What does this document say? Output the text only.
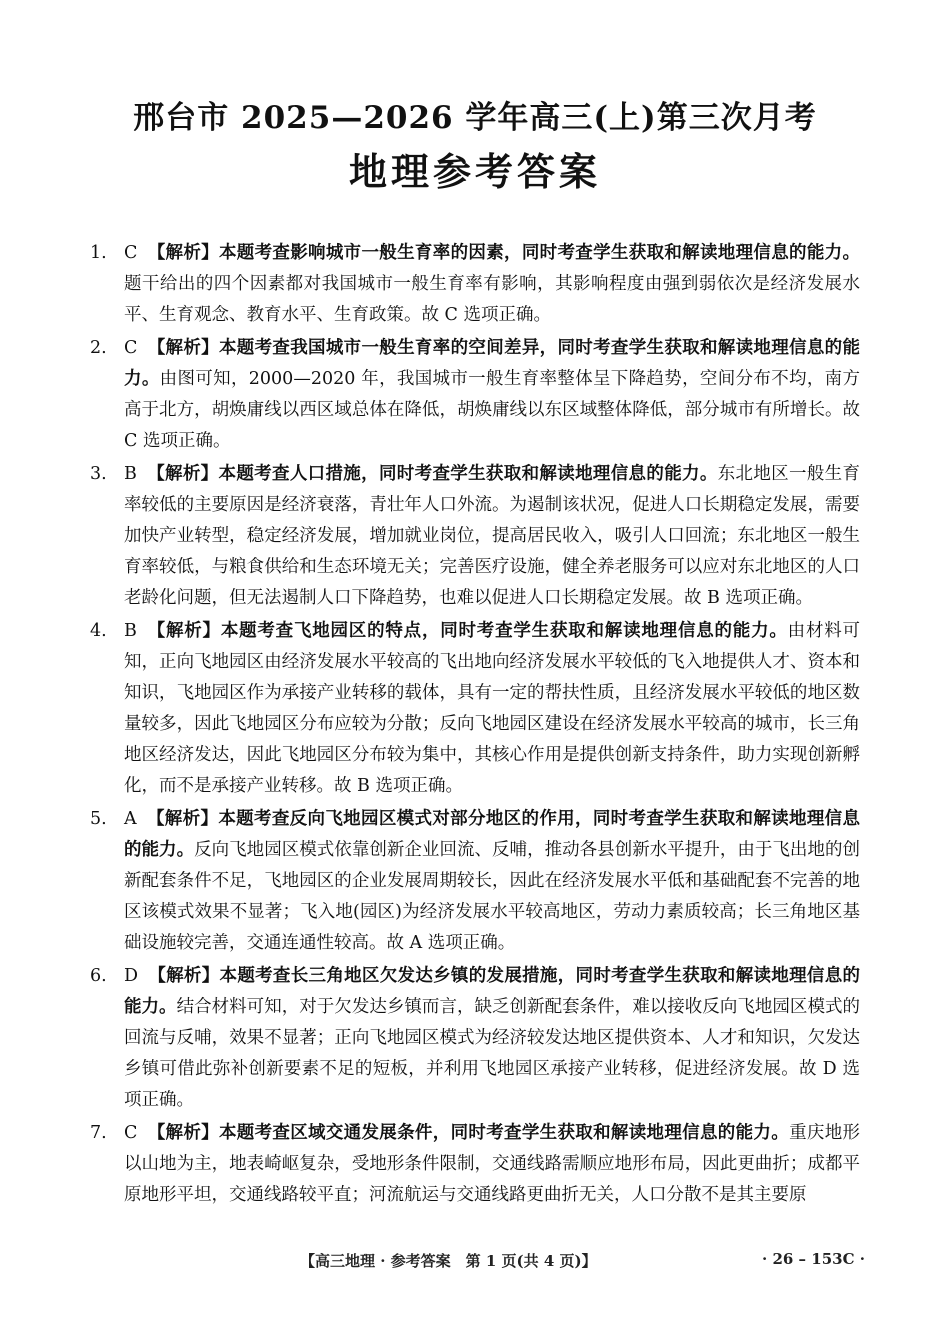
邢台市 2025—2026 学年高三(上)第三次月考
地理参考答案
1. C 【解析】本题考查影响城市一般生育率的因素，同时考查学生获取和解读地理信息的能力。题干给出的四个因素都对我国城市一般生育率有影响，其影响程度由强到弱依次是经济发展水平、生育观念、教育水平、生育政策。故 C 选项正确。
2. C 【解析】本题考查我国城市一般生育率的空间差异，同时考查学生获取和解读地理信息的能力。由图可知，2000—2020 年，我国城市一般生育率整体呈下降趋势，空间分布不均，南方高于北方，胡焕庸线以西区域总体在降低，胡焕庸线以东区域整体降低，部分城市有所增长。故 C 选项正确。
3. B 【解析】本题考查人口措施，同时考查学生获取和解读地理信息的能力。东北地区一般生育率较低的主要原因是经济衰落，青壮年人口外流。为遏制该状况，促进人口长期稳定发展，需要加快产业转型，稳定经济发展，增加就业岗位，提高居民收入，吸引人口回流；东北地区一般生育率较低，与粮食供给和生态环境无关；完善医疗设施，健全养老服务可以应对东北地区的人口老龄化问题，但无法遏制人口下降趋势，也难以促进人口长期稳定发展。故 B 选项正确。
4. B 【解析】本题考查飞地园区的特点，同时考查学生获取和解读地理信息的能力。由材料可知，正向飞地园区由经济发展水平较高的飞出地向经济发展水平较低的飞入地提供人才、资本和知识，飞地园区作为承接产业转移的载体，具有一定的帮扶性质，且经济发展水平较低的地区数量较多，因此飞地园区分布应较为分散；反向飞地园区建设在经济发展水平较高的城市，长三角地区经济发达，因此飞地园区分布较为集中，其核心作用是提供创新支持条件，助力实现创新孵化，而不是承接产业转移。故 B 选项正确。
5. A 【解析】本题考查反向飞地园区模式对部分地区的作用，同时考查学生获取和解读地理信息的能力。反向飞地园区模式依靠创新企业回流、反哺，推动各县创新水平提升，由于飞出地的创新配套条件不足，飞地园区的企业发展周期较长，因此在经济发展水平低和基础配套不完善的地区该模式效果不显著；飞入地(园区)为经济发展水平较高地区，劳动力素质较高；长三角地区基础设施较完善，交通连通性较高。故 A 选项正确。
6. D 【解析】本题考查长三角地区欠发达乡镇的发展措施，同时考查学生获取和解读地理信息的能力。结合材料可知，对于欠发达乡镇而言，缺乏创新配套条件，难以接收反向飞地园区模式的回流与反哺，效果不显著；正向飞地园区模式为经济较发达地区提供资本、人才和知识，欠发达乡镇可借此弥补创新要素不足的短板，并利用飞地园区承接产业转移，促进经济发展。故 D 选项正确。
7. C 【解析】本题考查区域交通发展条件，同时考查学生获取和解读地理信息的能力。重庆地形以山地为主，地表崎岖复杂，受地形条件限制，交通线路需顺应地形布局，因此更曲折；成都平原地形平坦，交通线路较平直；河流航运与交通线路更曲折无关，人口分散不是其主要原
【高三地理 · 参考答案　第 1 页(共 4 页)】	· 26 – 153C ·
